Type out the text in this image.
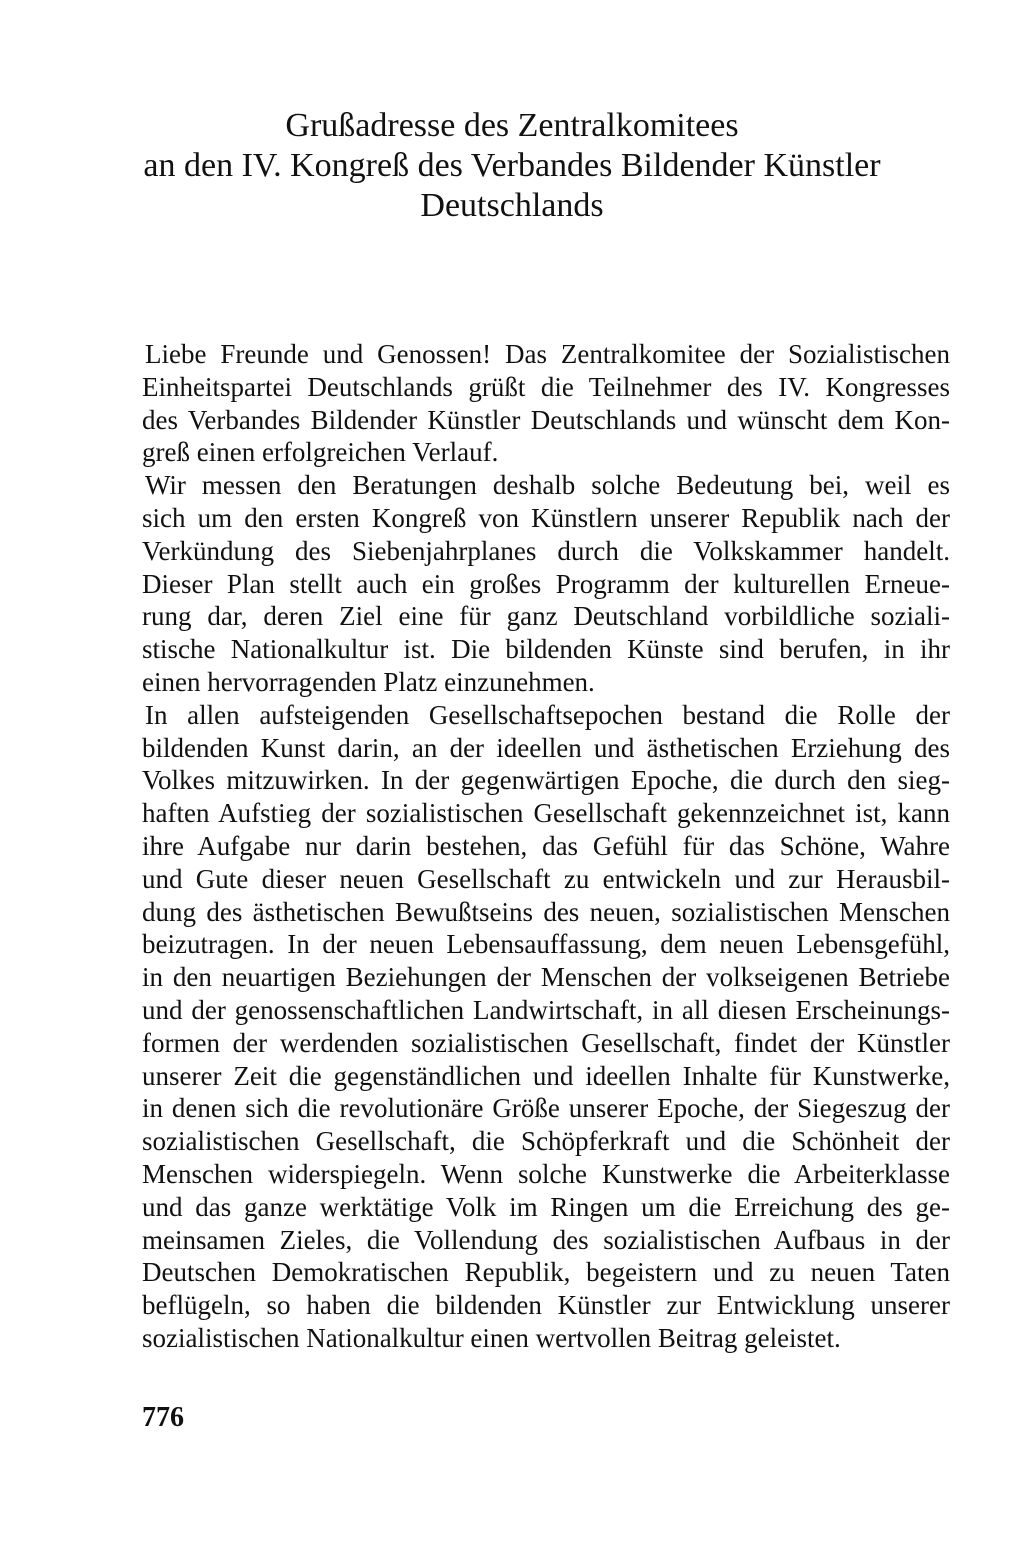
Grußadresse des Zentralkomitees
an den IV. Kongreß des Verbandes Bildender Künstler
Deutschlands
Liebe Freunde und Genossen! Das Zentralkomitee der Sozialistischen
Einheitspartei Deutschlands grüßt die Teilnehmer des IV. Kongresses
des Verbandes Bildender Künstler Deutschlands und wünscht dem Kon-
greß einen erfolgreichen Verlauf.
Wir messen den Beratungen deshalb solche Bedeutung bei, weil es
sich um den ersten Kongreß von Künstlern unserer Republik nach der
Verkündung des Siebenjahrplanes durch die Volkskammer handelt.
Dieser Plan stellt auch ein großes Programm der kulturellen Erneue-
rung dar, deren Ziel eine für ganz Deutschland vorbildliche soziali-
stische Nationalkultur ist. Die bildenden Künste sind berufen, in ihr
einen hervorragenden Platz einzunehmen.
In allen aufsteigenden Gesellschaftsepochen bestand die Rolle der
bildenden Kunst darin, an der ideellen und ästhetischen Erziehung des
Volkes mitzuwirken. In der gegenwärtigen Epoche, die durch den sieg-
haften Aufstieg der sozialistischen Gesellschaft gekennzeichnet ist, kann
ihre Aufgabe nur darin bestehen, das Gefühl für das Schöne, Wahre
und Gute dieser neuen Gesellschaft zu entwickeln und zur Herausbil-
dung des ästhetischen Bewußtseins des neuen, sozialistischen Menschen
beizutragen. In der neuen Lebensauffassung, dem neuen Lebensgefühl,
in den neuartigen Beziehungen der Menschen der volkseigenen Betriebe
und der genossenschaftlichen Landwirtschaft, in all diesen Erscheinungs-
formen der werdenden sozialistischen Gesellschaft, findet der Künstler
unserer Zeit die gegenständlichen und ideellen Inhalte für Kunstwerke,
in denen sich die revolutionäre Größe unserer Epoche, der Siegeszug der
sozialistischen Gesellschaft, die Schöpferkraft und die Schönheit der
Menschen widerspiegeln. Wenn solche Kunstwerke die Arbeiterklasse
und das ganze werktätige Volk im Ringen um die Erreichung des ge-
meinsamen Zieles, die Vollendung des sozialistischen Aufbaus in der
Deutschen Demokratischen Republik, begeistern und zu neuen Taten
beflügeln, so haben die bildenden Künstler zur Entwicklung unserer
sozialistischen Nationalkultur einen wertvollen Beitrag geleistet.
776
